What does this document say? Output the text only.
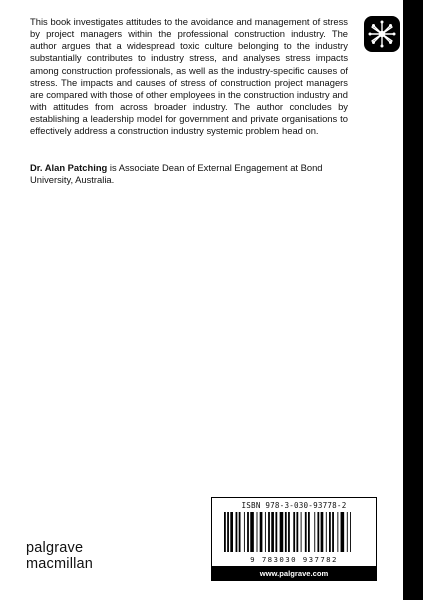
This book investigates attitudes to the avoidance and management of stress by project managers within the professional construction industry. The author argues that a widespread toxic culture belonging to the industry substantially contributes to industry stress, and analyses stress impacts among construction professionals, as well as the industry-specific causes of stress. The impacts and causes of stress of construction project managers are compared with those of other employees in the construction industry and with attitudes from across broader industry. The author concludes by establishing a leadership model for government and private organisations to effectively address a construction industry systemic problem head on.

Dr. Alan Patching is Associate Dean of External Engagement at Bond University, Australia.

ISBN 978-3-030-93778-2
9 783030 937782
www.palgrave.com
palgrave
macmillan
